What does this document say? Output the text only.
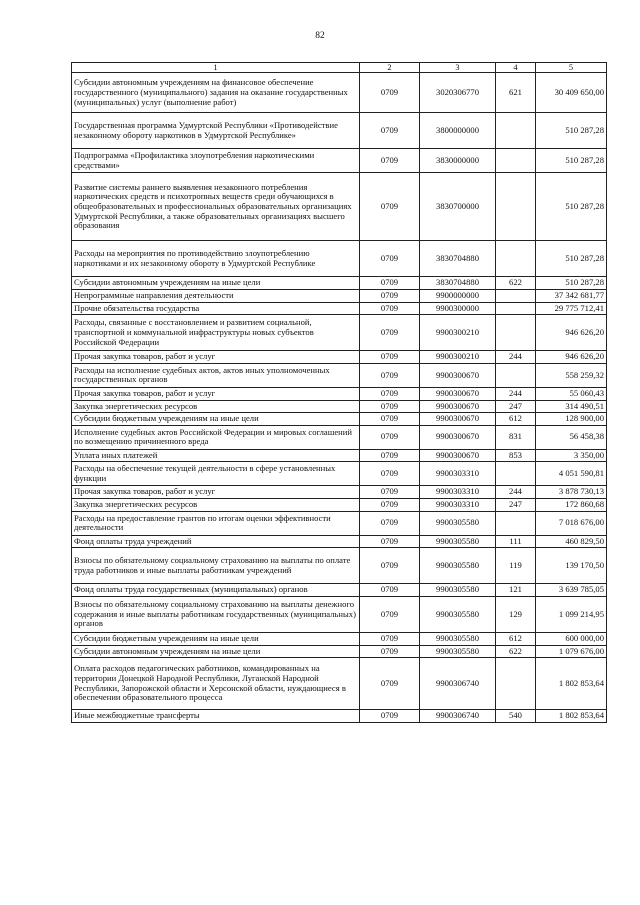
82
1	2	3	4	5
Субсидии автономным учреждениям на финансовое обеспечение государственного (муниципального) задания на оказание государственных (муниципальных) услуг (выполнение работ)	0709	3020306770	621	30 409 650,00
Государственная программа Удмуртской Республики «Противодействие незаконному обороту наркотиков в Удмуртской Республике»	0709	3800000000		510 287,28
Подпрограмма «Профилактика злоупотребления наркотическими средствами»	0709	3830000000		510 287,28
Развитие системы раннего выявления незаконного потребления наркотических средств и психотропных веществ среди обучающихся в общеобразовательных и профессиональных образовательных организациях Удмуртской Республики, а также образовательных организациях высшего образования	0709	3830700000		510 287,28
Расходы на мероприятия по противодействию злоупотреблению наркотиками и их незаконному обороту в Удмуртской Республике	0709	3830704880		510 287,28
Субсидии автономным учреждениям на иные цели	0709	3830704880	622	510 287,28
Непрограммные направления деятельности	0709	9900000000		37 342 681,77
Прочие обязательства государства	0709	9900300000		29 775 712,41
Расходы, связанные с восстановлением и развитием социальной, транспортной и коммунальной инфраструктуры новых субъектов Российской Федерации	0709	9900300210		946 626,20
Прочая закупка товаров, работ и услуг	0709	9900300210	244	946 626,20
Расходы на исполнение судебных актов, актов иных уполномоченных государственных органов	0709	9900300670		558 259,32
Прочая закупка товаров, работ и услуг	0709	9900300670	244	55 060,43
Закупка энергетических ресурсов	0709	9900300670	247	314 490,51
Субсидии бюджетным учреждениям на иные цели	0709	9900300670	612	128 900,00
Исполнение судебных актов Российской Федерации и мировых соглашений по возмещению причиненного вреда	0709	9900300670	831	56 458,38
Уплата иных платежей	0709	9900300670	853	3 350,00
Расходы на обеспечение текущей деятельности в сфере установленных функции	0709	9900303310		4 051 590,81
Прочая закупка товаров, работ и услуг	0709	9900303310	244	3 878 730,13
Закупка энергетических ресурсов	0709	9900303310	247	172 860,68
Расходы на предоставление грантов по итогам оценки эффективности деятельности	0709	9900305580		7 018 676,00
Фонд оплаты труда учреждений	0709	9900305580	111	460 829,50
Взносы по обязательному социальному страхованию на выплаты по оплате труда работников и иные выплаты работникам учреждений	0709	9900305580	119	139 170,50
Фонд оплаты труда государственных (муниципальных) органов	0709	9900305580	121	3 639 785,05
Взносы по обязательному социальному страхованию на выплаты денежного содержания и иные выплаты работникам государственных (муниципальных) органов	0709	9900305580	129	1 099 214,95
Субсидии бюджетным учреждениям на иные цели	0709	9900305580	612	600 000,00
Субсидии автономным учреждениям на иные цели	0709	9900305580	622	1 079 676,00
Оплата расходов педагогических работников, командированных на территории Донецкой Народной Республики, Луганской Народной Республики, Запорожской области и Херсонской области, нуждающиеся в обеспечении образовательного процесса	0709	9900306740		1 802 853,64
Иные межбюджетные трансферты	0709	9900306740	540	1 802 853,64
